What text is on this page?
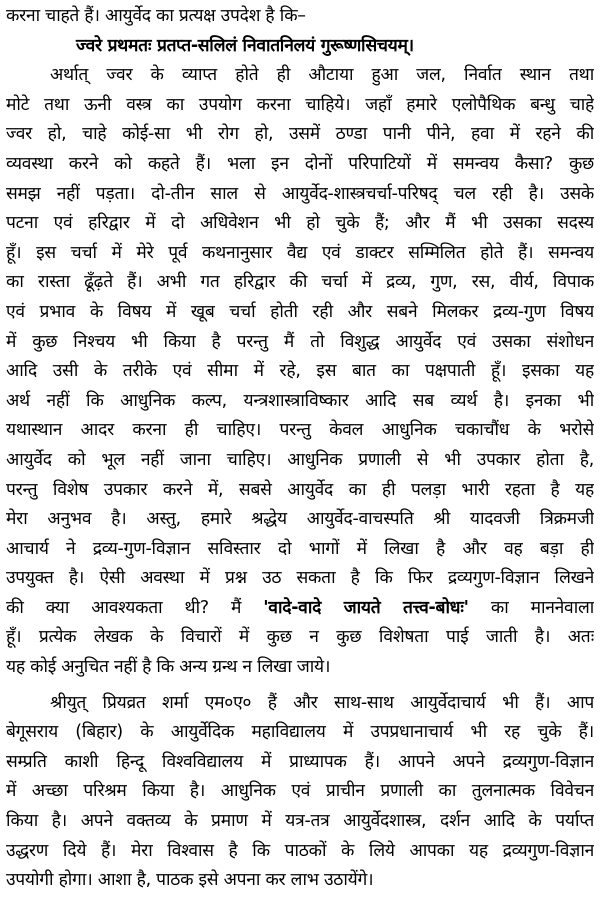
करना चाहते हैं। आयुर्वेद का प्रत्यक्ष उपदेश है कि–
ज्वरे प्रथमतः प्रतप्त-सलिलं निवातनिलयं गुरूष्णसिचयम्।
अर्थात् ज्वर के व्याप्त होते ही औटाया हुआ जल, निर्वात स्थान तथा
मोटे तथा ऊनी वस्त्र का उपयोग करना चाहिये। जहाँ हमारे एलोपैथिक बन्धु चाहे
ज्वर हो, चाहे कोई-सा भी रोग हो, उसमें ठण्डा पानी पीने, हवा में रहने की
व्यवस्था करने को कहते हैं। भला इन दोनों परिपाटियों में समन्वय कैसा? कुछ
समझ नहीं पड़ता। दो-तीन साल से आयुर्वेद-शास्त्रचर्चा-परिषद् चल रही है। उसके
पटना एवं हरिद्वार में दो अधिवेशन भी हो चुके हैं; और मैं भी उसका सदस्य
हूँ। इस चर्चा में मेरे पूर्व कथनानुसार वैद्य एवं डाक्टर सम्मिलित होते हैं। समन्वय
का रास्ता ढूँढ़ते हैं। अभी गत हरिद्वार की चर्चा में द्रव्य, गुण, रस, वीर्य, विपाक
एवं प्रभाव के विषय में खूब चर्चा होती रही और सबने मिलकर द्रव्य-गुण विषय
में कुछ निश्चय भी किया है परन्तु मैं तो विशुद्ध आयुर्वेद एवं उसका संशोधन
आदि उसी के तरीके एवं सीमा में रहे, इस बात का पक्षपाती हूँ। इसका यह
अर्थ नहीं कि आधुनिक कल्प, यन्त्रशास्त्राविष्कार आदि सब व्यर्थ है। इनका भी
यथास्थान आदर करना ही चाहिए। परन्तु केवल आधुनिक चकाचौंध के भरोसे
आयुर्वेद को भूल नहीं जाना चाहिए। आधुनिक प्रणाली से भी उपकार होता है,
परन्तु विशेष उपकार करने में, सबसे आयुर्वेद का ही पलड़ा भारी रहता है यह
मेरा अनुभव है। अस्तु, हमारे श्रद्धेय आयुर्वेद-वाचस्पति श्री यादवजी त्रिक्रमजी
आचार्य ने द्रव्य-गुण-विज्ञान सविस्तार दो भागों में लिखा है और वह बड़ा ही
उपयुक्त है। ऐसी अवस्था में प्रश्न उठ सकता है कि फिर द्रव्यगुण-विज्ञान लिखने
की क्या आवश्यकता थी? मैं 'वादे-वादे जायते तत्त्व-बोधः' का माननेवाला
हूँ। प्रत्येक लेखक के विचारों में कुछ न कुछ विशेषता पाई जाती है। अतः
यह कोई अनुचित नहीं है कि अन्य ग्रन्थ न लिखा जाये।
श्रीयुत् प्रियव्रत शर्मा एम०ए० हैं और साथ-साथ आयुर्वेदाचार्य भी हैं। आप
बेगूसराय (बिहार) के आयुर्वेदिक महाविद्यालय में उपप्रधानाचार्य भी रह चुके हैं।
सम्प्रति काशी हिन्दू विश्वविद्यालय में प्राध्यापक हैं। आपने अपने द्रव्यगुण-विज्ञान
में अच्छा परिश्रम किया है। आधुनिक एवं प्राचीन प्रणाली का तुलनात्मक विवेचन
किया है। अपने वक्तव्य के प्रमाण में यत्र-तत्र आयुर्वेदशास्त्र, दर्शन आदि के पर्याप्त
उद्धरण दिये हैं। मेरा विश्वास है कि पाठकों के लिये आपका यह द्रव्यगुण-विज्ञान
उपयोगी होगा। आशा है, पाठक इसे अपना कर लाभ उठायेंगे।
